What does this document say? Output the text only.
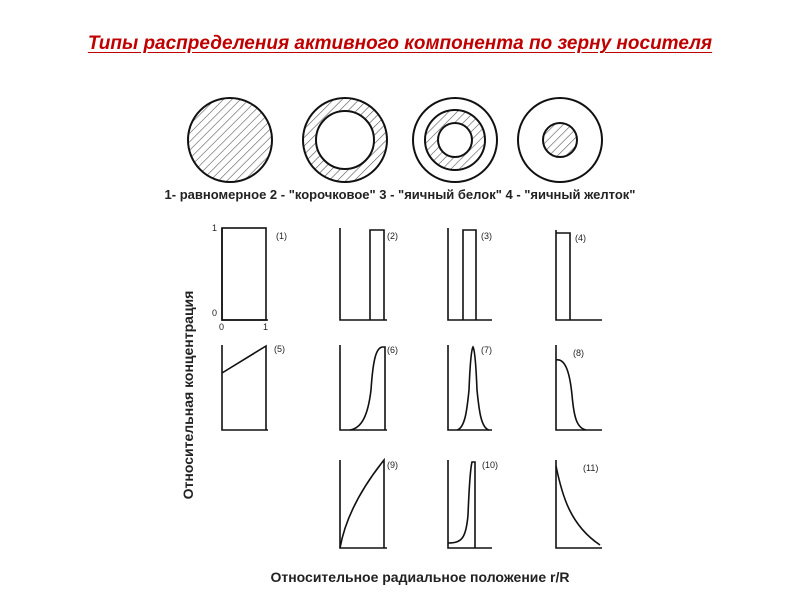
Типы распределения активного компонента по зерну носителя
1
0
0	1
(1)	(2)	(3)	(4)
(5)	(6)	(7)	(8)
(9)	(10)	(11)
1- равномерное 2 - "корочковое" 3 - "яичный белок" 4 - "яичный желток"
Относительная концентрация
Относительное радиальное положение r/R
